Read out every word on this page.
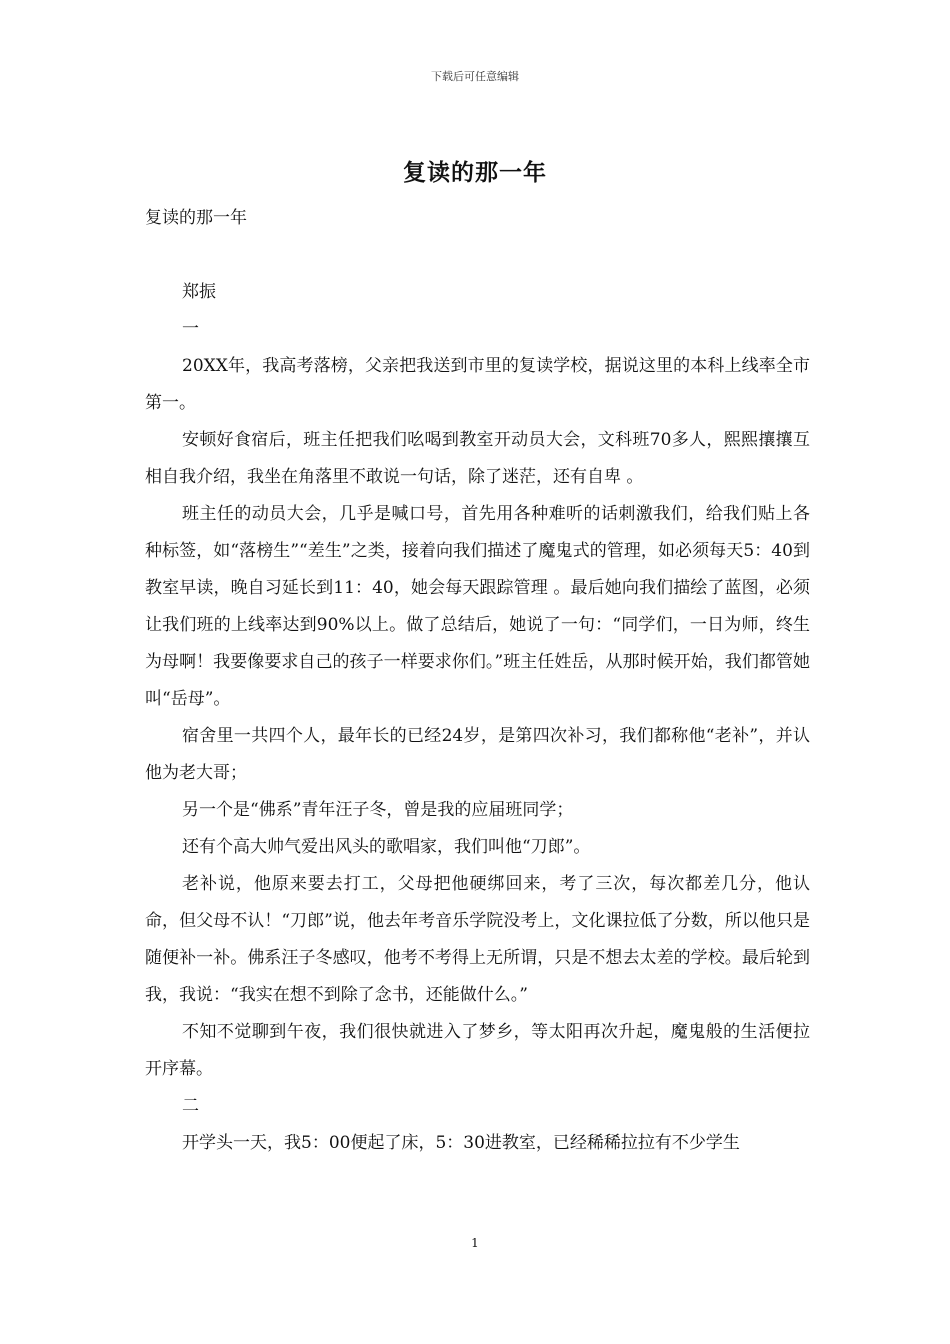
下载后可任意编辑
复读的那一年

复读的那一年

郑振

一

20XX年，我高考落榜，父亲把我送到市里的复读学校，据说这里的本科上线率全市第一。

安顿好食宿后，班主任把我们吆喝到教室开动员大会，文科班70多人，熙熙攘攘互相自我介绍，我坐在角落里不敢说一句话，除了迷茫，还有自卑 。

班主任的动员大会，几乎是喊口号，首先用各种难听的话刺激我们，给我们贴上各种标签，如“落榜生”“差生”之类，接着向我们描述了魔鬼式的管理，如必须每天5：40到教室早读，晚自习延长到11：40，她会每天跟踪管理 。最后她向我们描绘了蓝图，必须让我们班的上线率达到90%以上。做了总结后，她说了一句：“同学们，一日为师，终生为母啊！我要像要求自己的孩子一样要求你们。”班主任姓岳，从那时候开始，我们都管她叫“岳母”。

宿舍里一共四个人，最年长的已经24岁，是第四次补习，我们都称他“老补”，并认他为老大哥；

另一个是“佛系”青年汪子冬，曾是我的应届班同学；

还有个高大帅气爱出风头的歌唱家，我们叫他“刀郎”。

老补说，他原来要去打工，父母把他硬绑回来，考了三次，每次都差几分，他认命，但父母不认！“刀郎”说，他去年考音乐学院没考上，文化课拉低了分数，所以他只是随便补一补。佛系汪子冬感叹，他考不考得上无所谓，只是不想去太差的学校。最后轮到我，我说：“我实在想不到除了念书，还能做什么。”

不知不觉聊到午夜，我们很快就进入了梦乡，等太阳再次升起，魔鬼般的生活便拉开序幕。

二

开学头一天，我5：00便起了床，5：30进教室，已经稀稀拉拉有不少学生

1
